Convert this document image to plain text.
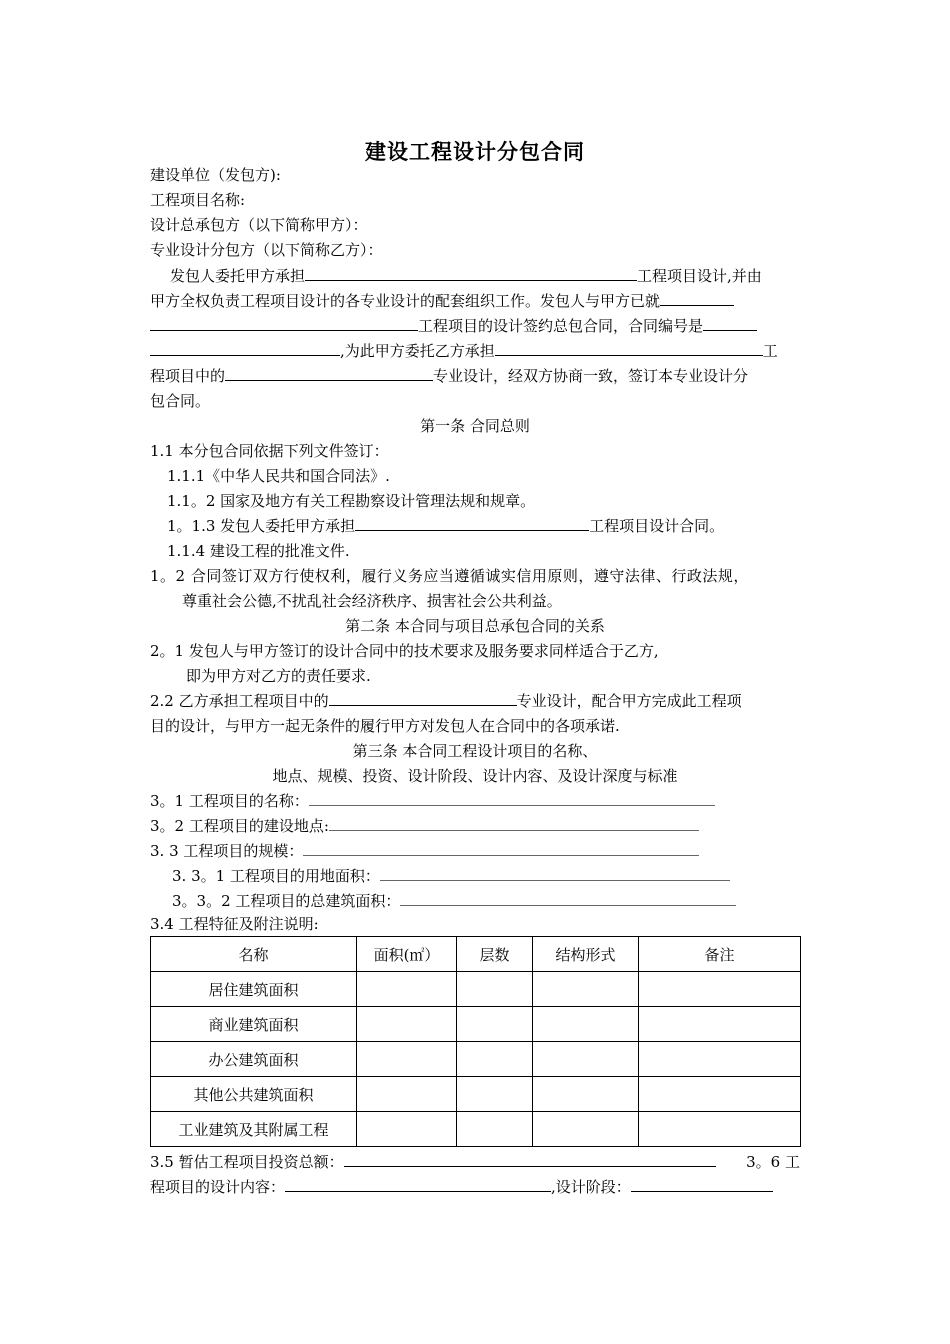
建设工程设计分包合同
建设单位（发包方):
工程项目名称:
设计总承包方（以下简称甲方）：
专业设计分包方（以下简称乙方）：
发包人委托甲方承担	工程项目设计,并由
甲方全权负责工程项目设计的各专业设计的配套组织工作。发包人与甲方已就
工程项目的设计签约总包合同，合同编号是
,为此甲方委托乙方承担	工
程项目中的	专业设计，经双方协商一致，签订本专业设计分
包合同。
第一条 合同总则
1.1 本分包合同依据下列文件签订：
1.1.1《中华人民共和国合同法》.
1.1。2 国家及地方有关工程勘察设计管理法规和规章。
1。1.3 发包人委托甲方承担	工程项目设计合同。
1.1.4 建设工程的批准文件.
1。2 合同签订双方行使权利，履行义务应当遵循诚实信用原则，遵守法律、行政法规，
尊重社会公德,不扰乱社会经济秩序、损害社会公共利益。
第二条 本合同与项目总承包合同的关系
2。1 发包人与甲方签订的设计合同中的技术要求及服务要求同样适合于乙方,
即为甲方对乙方的责任要求.
2.2 乙方承担工程项目中的	专业设计，配合甲方完成此工程项
目的设计，与甲方一起无条件的履行甲方对发包人在合同中的各项承诺.
第三条 本合同工程设计项目的名称、
地点、规模、投资、设计阶段、设计内容、及设计深度与标准
3。1 工程项目的名称：
3。2 工程项目的建设地点:
3. 3 工程项目的规模：
3. 3。1 工程项目的用地面积：
3。3。2 工程项目的总建筑面积：
3.4 工程特征及附注说明:
名称	面积(㎡）	层数	结构形式	备注
居住建筑面积				
商业建筑面积				
办公建筑面积				
其他公共建筑面积				
工业建筑及其附属工程				
3.5 暂估工程项目投资总额：	3。6 工
程项目的设计内容：	,设计阶段：
